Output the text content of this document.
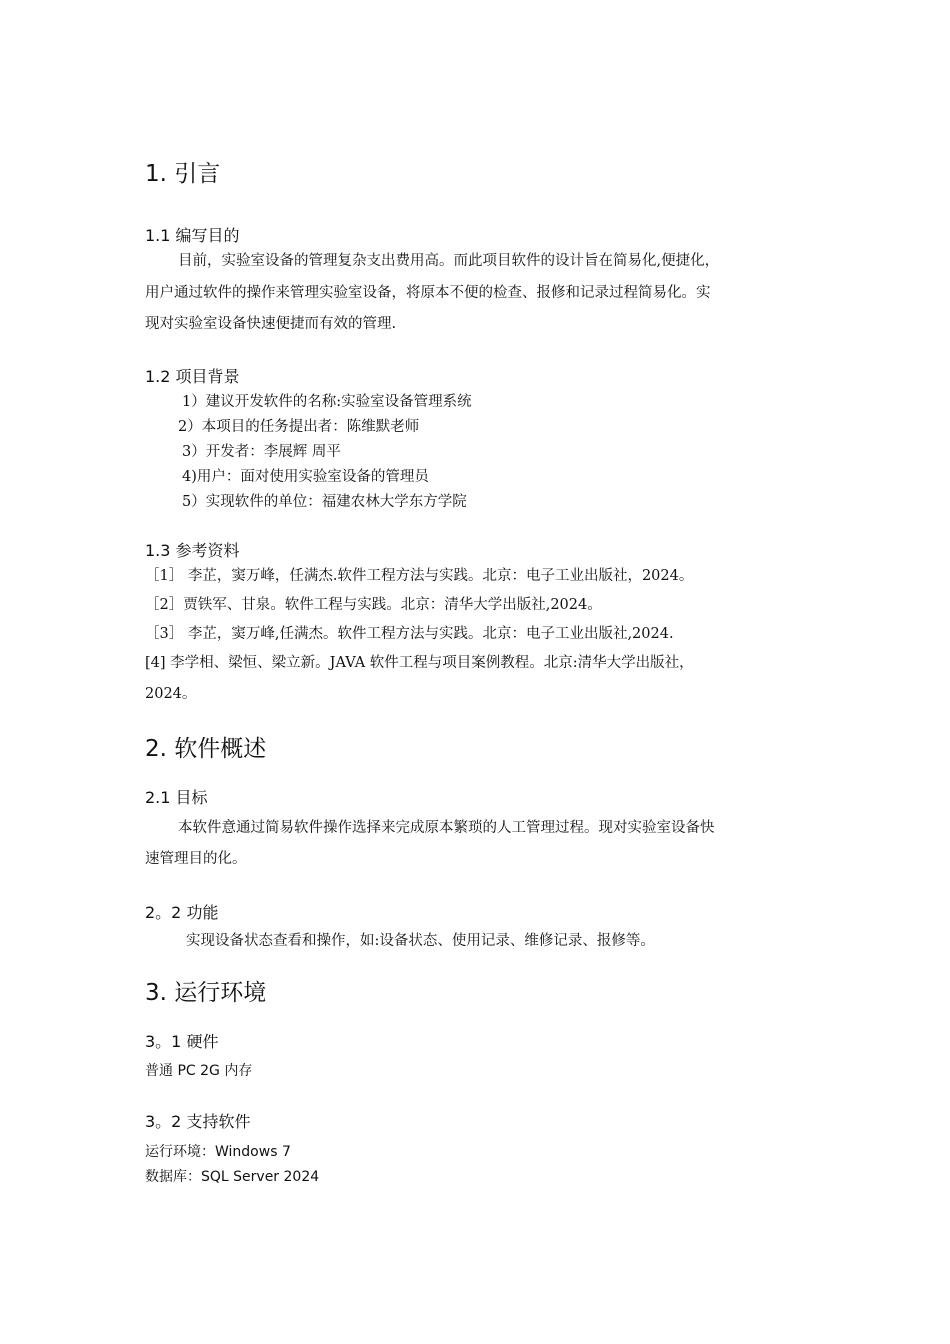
1. 引言
1.1 编写目的
目前，实验室设备的管理复杂支出费用高。而此项目软件的设计旨在简易化,便捷化，
用户通过软件的操作来管理实验室设备，将原本不便的检查、报修和记录过程简易化。实
现对实验室设备快速便捷而有效的管理.
1.2 项目背景
1）建议开发软件的名称:实验室设备管理系统
2）本项目的任务提出者：陈维默老师
3）开发者：李展辉 周平
4)用户：面对使用实验室设备的管理员
5）实现软件的单位：福建农林大学东方学院
1.3 参考资料
［1］ 李芷，窦万峰，任满杰.软件工程方法与实践。北京：电子工业出版社，2024。
［2］贾铁军、甘泉。软件工程与实践。北京：清华大学出版社,2024。
［3］ 李芷，窦万峰,任满杰。软件工程方法与实践。北京：电子工业出版社,2024.
[4] 李学相、梁恒、梁立新。JAVA 软件工程与项目案例教程。北京:清华大学出版社，
2024。
2. 软件概述
2.1 目标
本软件意通过简易软件操作选择来完成原本繁琐的人工管理过程。现对实验室设备快
速管理目的化。
2。2 功能
实现设备状态查看和操作，如:设备状态、使用记录、维修记录、报修等。
3. 运行环境
3。1 硬件
普通 PC 2G 内存
3。2 支持软件
运行环境：Windows 7
数据库：SQL Server 2024
